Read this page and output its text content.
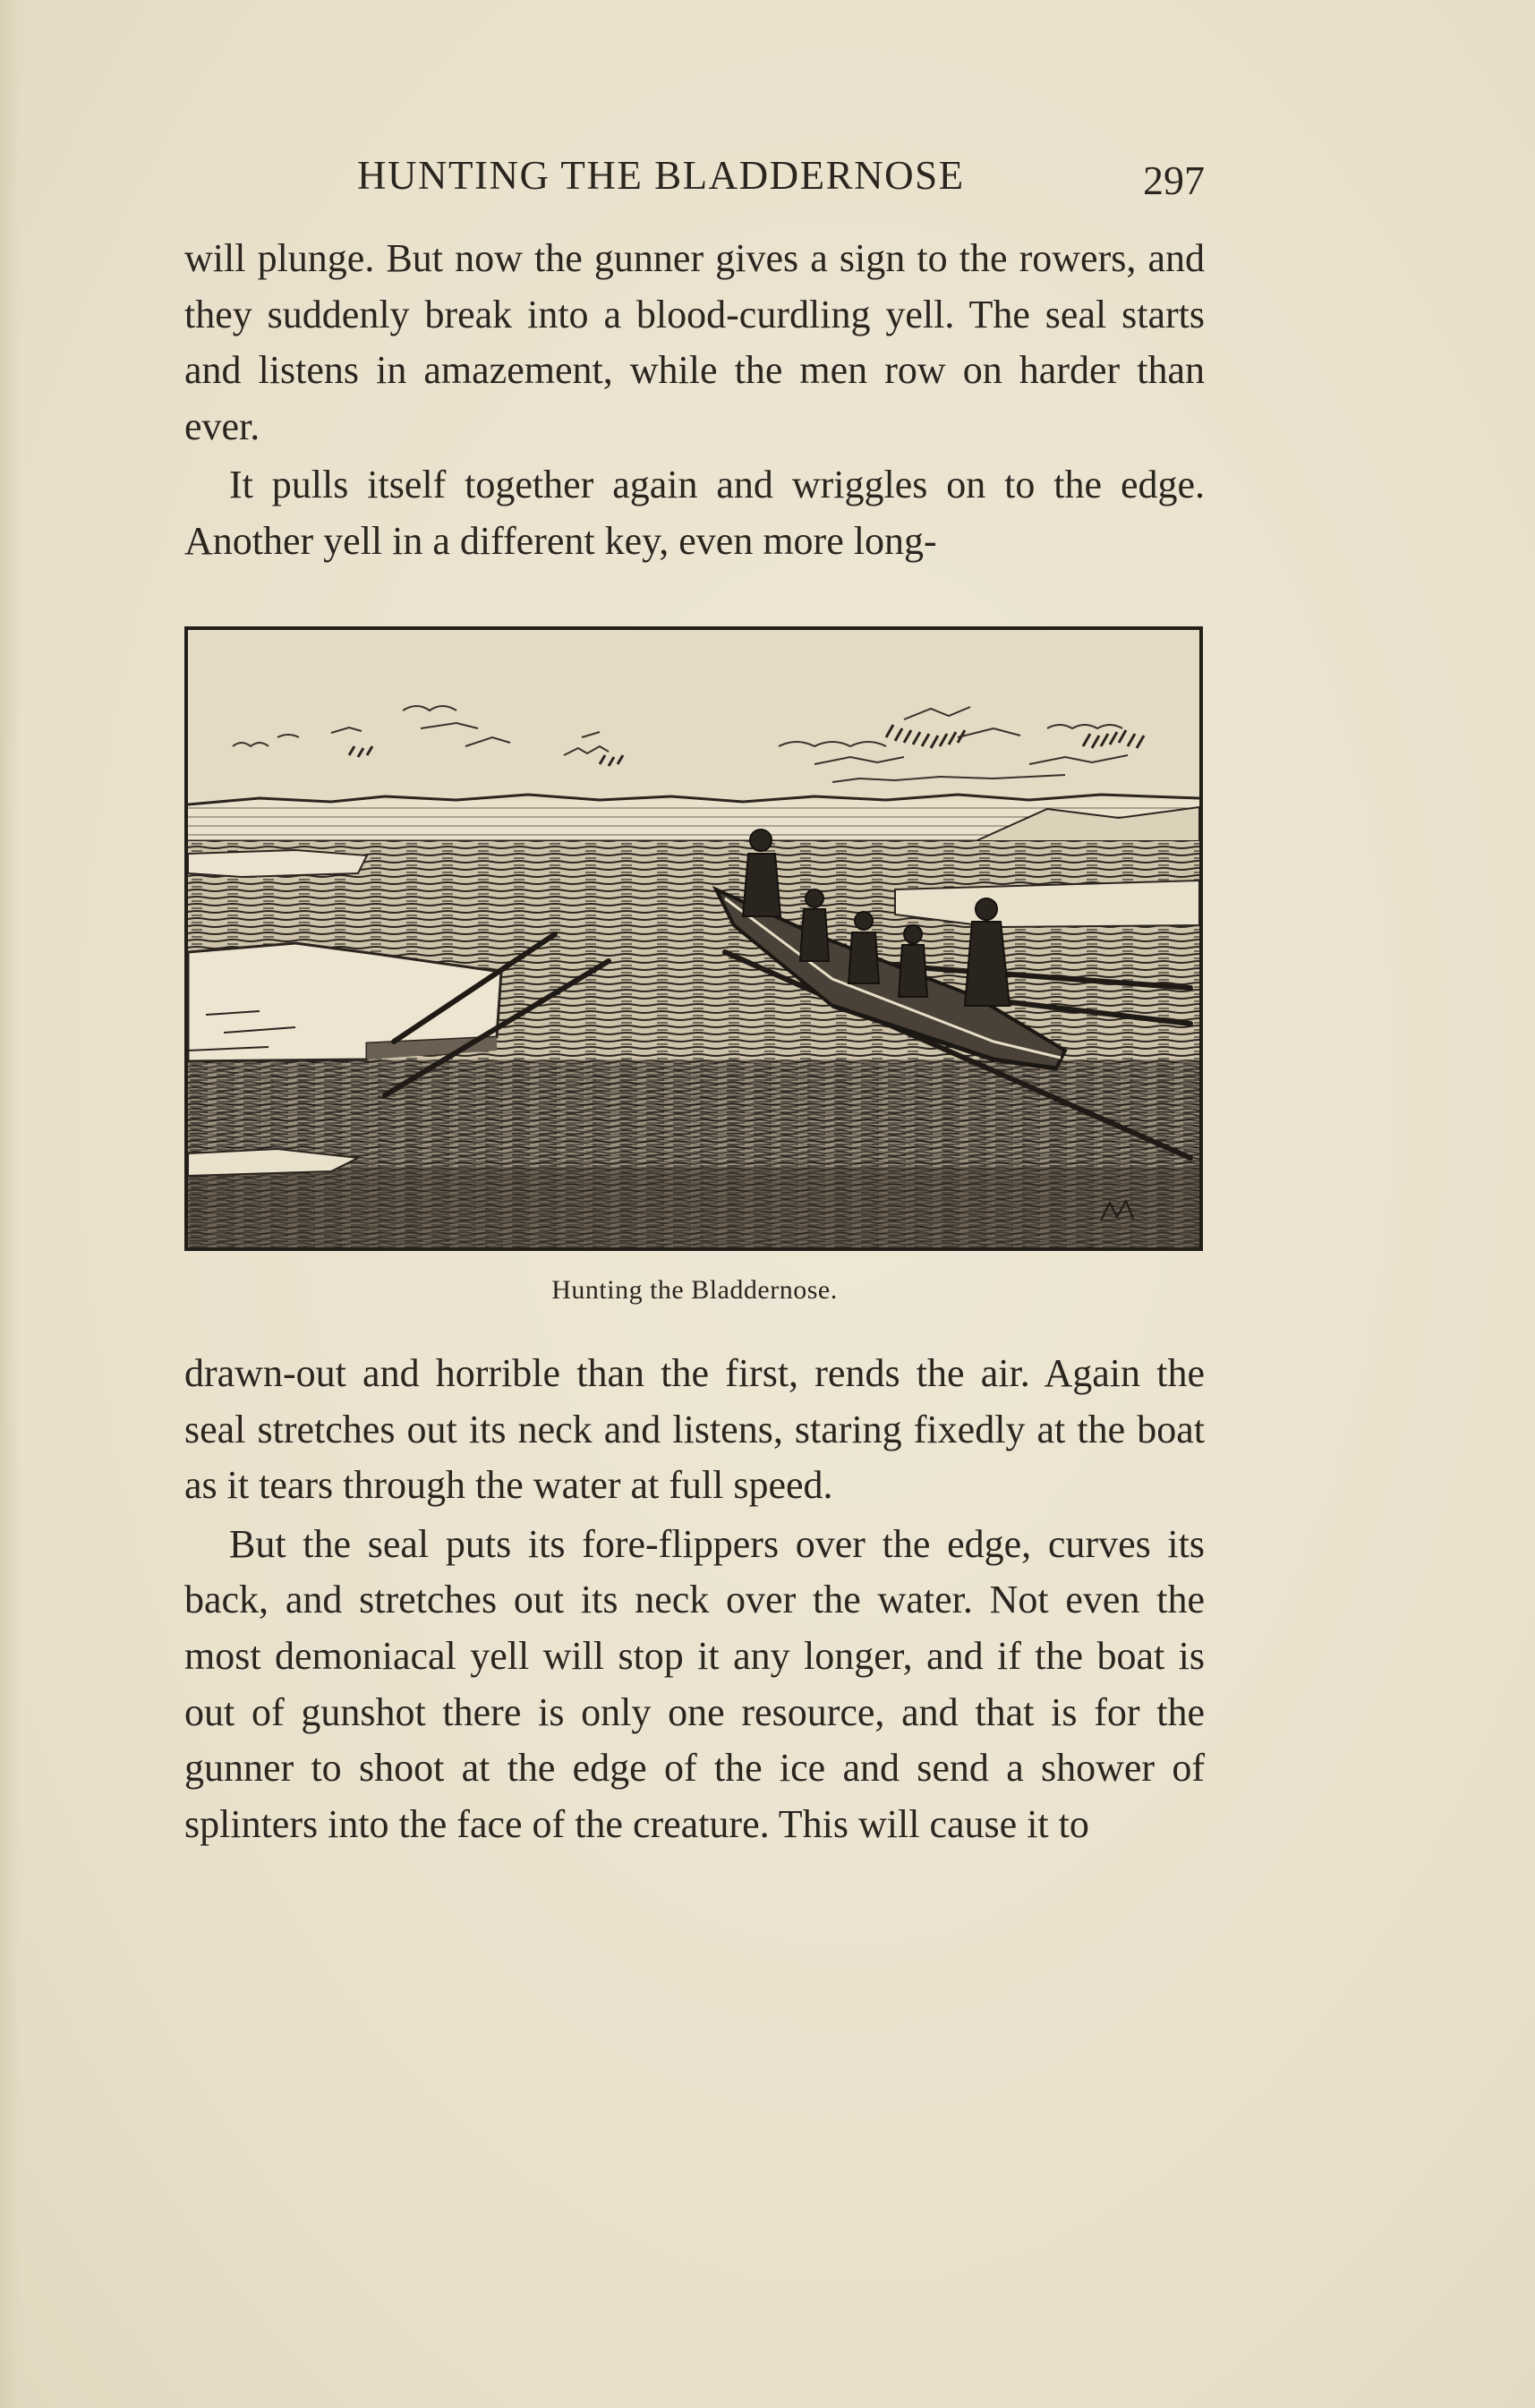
HUNTING THE BLADDERNOSE	297

will plunge. But now the gunner gives a sign to the rowers, and they suddenly break into a blood-curdling yell. The seal starts and listens in amazement, while the men row on harder than ever.

It pulls itself together again and wriggles on to the edge. Another yell in a different key, even more long-

Hunting the Bladdernose.

drawn-out and horrible than the first, rends the air. Again the seal stretches out its neck and listens, staring fixedly at the boat as it tears through the water at full speed.

But the seal puts its fore-flippers over the edge, curves its back, and stretches out its neck over the water. Not even the most demoniacal yell will stop it any longer, and if the boat is out of gunshot there is only one resource, and that is for the gunner to shoot at the edge of the ice and send a shower of splinters into the face of the creature. This will cause it to
